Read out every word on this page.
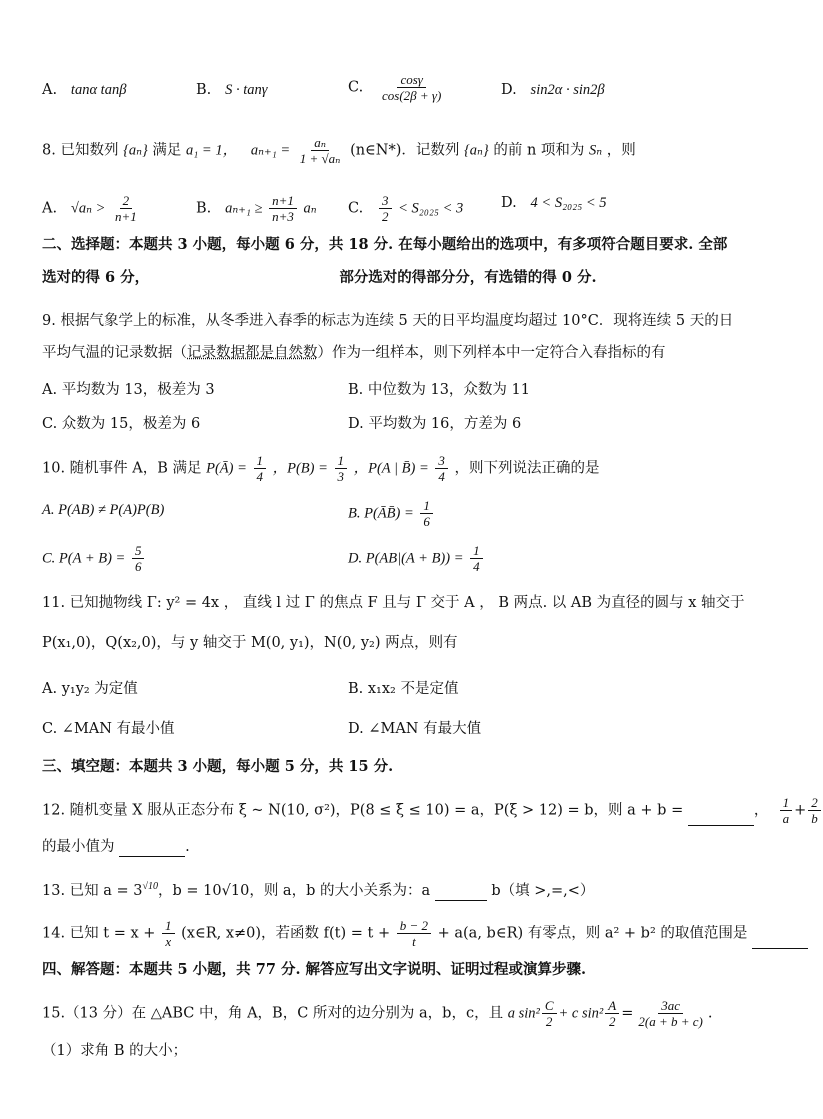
A. tanα tanβ	B. S · tanγ	C. $\frac{\cos\gamma}{\cos(2\beta + \gamma)}$	D. sin2α · sin2β
8. 已知数列 {aₙ} 满足 a₁ = 1， $a_{n+1} = \frac{\text{aₙ}}{\text{1 + √aₙ}}$ (n∈N*)．记数列 {aₙ} 的前 n 项和为 Sₙ ，则
A. $√a_n > \frac{2}{n+1}$	B. $a_{n+1} \ge \frac{n+1}{n+3}$ aₙ C. $\frac{3}{2} < S_{2025} < 3$	D. 4 < S₂₀₂₅ < 5
二、选择题：本题共 3 小题，每小题 6 分，共 18 分. 在每小题给出的选项中，有多项符合题目要求. 全部
选对的得 6 分，	部分选对的得部分分，有选错的得 0 分.
9. 根据气象学上的标准，从冬季进入春季的标志为连续 5 天的日平均温度均超过 10°C．现将连续 5 天的日
平均气温的记录数据（记录数据都是自然数）作为一组样本，则下列样本中一定符合入春指标的有
A. 平均数为 13，极差为 3	B. 中位数为 13，众数为 11
C. 众数为 15，极差为 6	D. 平均数为 16，方差为 6
10. 随机事件 A，B 满足 P(Ā) = $\frac{1}{4}$ ，$P(B) = \frac{1}{3}$ ，P(A | B̄) = $\frac{3}{4}$ ，则下列说法正确的是
A. P(AB) ≠ P(A)P(B)	B. P(ĀB̄) = $\frac{1}{6}$
C. $P(A + B) = \frac{5}{6}$	D. $P(AB|(A + B)) = \frac{1}{4}$
11. 已知抛物线 Γ: y² = 4x ， 直线 l 过 Γ 的焦点 F 且与 Γ 交于 A ， B 两点. 以 AB 为直径的圆与 x 轴交于
P(x₁,0)，Q(x₂,0)，与 y 轴交于 M(0, y₁)，N(0, y₂) 两点，则有
A. y₁y₂ 为定值	B. x₁x₂ 不是定值
C. ∠MAN 有最小值	D. ∠MAN 有最大值
三、填空题：本题共 3 小题，每小题 5 分，共 15 分.
12. 随机变量 X 服从正态分布 ξ ~ N(10, σ²)，P(8 ≤ ξ ≤ 10) = a，P(ξ > 12) = b，则 a + b =	， $\frac{1}{a} + \frac{2}{b}$
的最小值为	.
13. 已知 $a = 3^{√10}$，b = 10√10，则 a，b 的大小关系为：a	b（填 >,=,<）
14. 已知 $t = x + \frac{1}{x}$ (x∈R, x≠0)，若函数 $f(t) = t + \frac{b - 2}{t} + a(a$, b∈R) 有零点，则 a² + b² 的取值范围是
四、解答题：本题共 5 小题，共 77 分. 解答应写出文字说明、证明过程或演算步骤.
15.（13 分）在 △ABC 中，角 A，B，C 所对的边分别为 a，b，c，且 a $\sin^2 \frac{C}{2} + c$ $\sin^2 \frac{A}{2} = \frac{3ac}{2(a + b + c)}$ .
（1）求角 B 的大小；
